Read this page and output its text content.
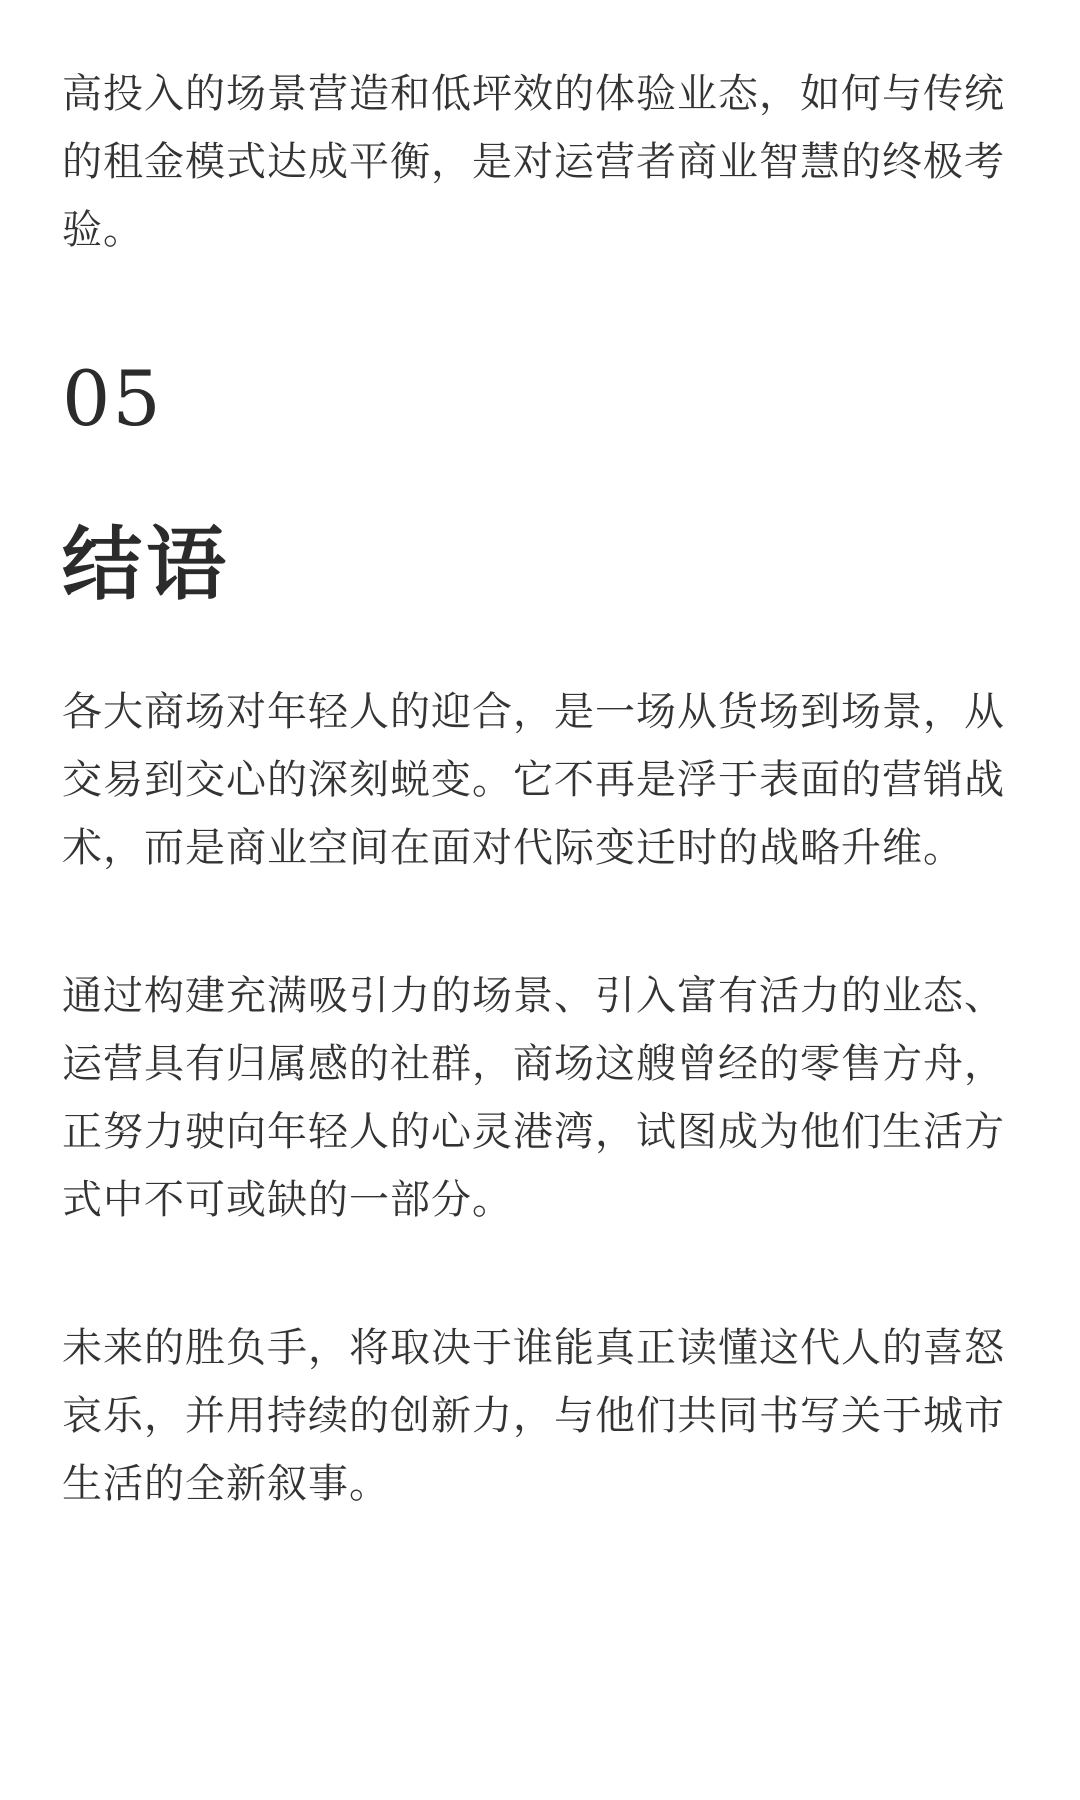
高投入的场景营造和低坪效的体验业态，如何与传统的租金模式达成平衡，是对运营者商业智慧的终极考验。

05
结语

各大商场对年轻人的迎合，是一场从货场到场景，从交易到交心的深刻蜕变。它不再是浮于表面的营销战术，而是商业空间在面对代际变迁时的战略升维。

通过构建充满吸引力的场景、引入富有活力的业态、运营具有归属感的社群，商场这艘曾经的零售方舟，正努力驶向年轻人的心灵港湾，试图成为他们生活方式中不可或缺的一部分。

未来的胜负手，将取决于谁能真正读懂这代人的喜怒哀乐，并用持续的创新力，与他们共同书写关于城市生活的全新叙事。
